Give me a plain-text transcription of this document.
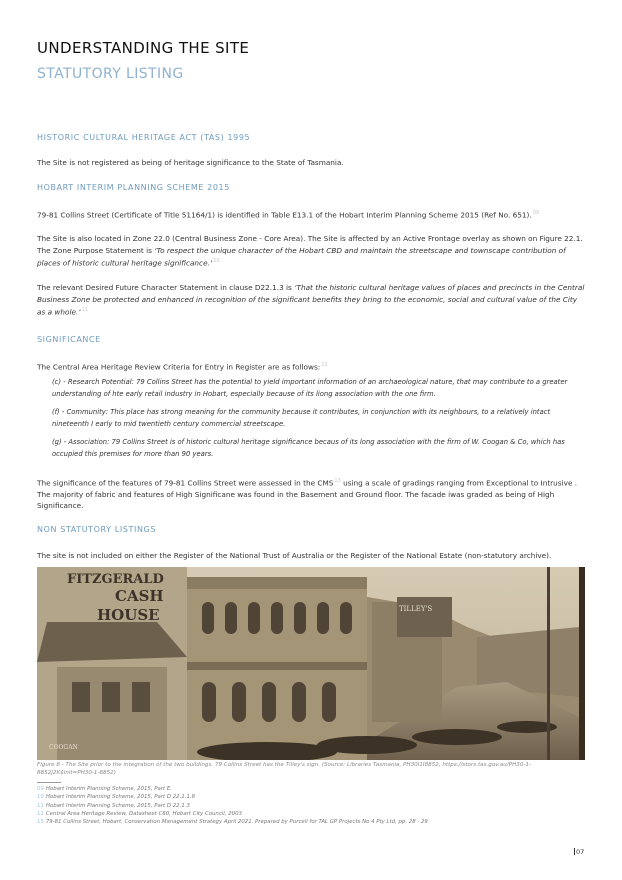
UNDERSTANDING THE SITE
STATUTORY LISTING
HISTORIC CULTURAL HERITAGE ACT (TAS) 1995

The Site is not registered as being of heritage significance to the State of Tasmania.

HOBART INTERIM PLANNING SCHEME 2015

79-81 Collins Street (Certificate of Title 51164/1) is identified in Table E13.1 of the Hobart Interim Planning Scheme 2015 (Ref No. 651).$^{09}$

The Site is also located in Zone 22.0 (Central Business Zone - Core Area). The Site is affected by an Active Frontage overlay as shown on Figure 22.1. The Zone Purpose Statement is ‘To respect the unique character of the Hobart CBD and maintain the streetscape and townscape contribution of places of historic cultural heritage significance.’$^{10}$

The relevant Desired Future Character Statement in clause D22.1.3 is ‘That the historic cultural heritage values of places and precincts in the Central Business Zone be protected and enhanced in recognition of the significant benefits they bring to the economic, social and cultural value of the City as a whole.’$^{11}$

SIGNIFICANCE

The Central Area Heritage Review Criteria for Entry in Register are as follows:$^{12}$

(c) - Research Potential: 79 Collins Street has the potential to yield important information of an archaeological nature, that may contribute to a greater understanding of hte early retail industry in Hobart, especially because of its liong association with the one firm.

(f) - Community: This place has strong meaning for the community because it contributes, in conjunction with its neighbours, to a relatively intact nineteenth I early to mid twentieth century commercial streetscape.

(g) - Association: 79 Collins Street is of historic cultural heritage significance becaus of its long association with the firm of W. Coogan & Co, which has occupied this premises for more than 90 years.

The significance of the features of 79-81 Collins Street were assessed in the CMS$^{13}$ using a scale of gradings ranging from Exceptional to Intrusive . The majority of fabric and features of High Significane was found in the Basement and Ground floor. The facade iwas graded as being of High Significance.

NON STATUTORY LISTINGS

The site is not included on either the Register of the National Trust of Australia or the Register of the National Estate (non-statutory archive).

FITZGERALD
CASH
HOUSE	TILLEY'S
COOGAN

Figure 8 - The Site prior to the integration of the two buildings. 79 Collins Street has the Tilley's sign. (Source: Libraries Tasmania, PH30I1I8852, https://stors.tas.gov.au/PH30-1-8852J2K$init=PH30-1-8852)

09 Hobart Interim Planning Scheme, 2015, Part E.
10 Hobart Interim Planning Scheme, 2015, Part D 22.1.1.8
11 Hobart Interim Planning Scheme, 2015, Part D 22.1.3
12 Central Area Heritage Review, Datasheet C60, Hobart City Council, 2003
13 79-81 Collins Street, Hobart. Conservation Management Strategy April 2021. Prepared by Purcell for TAL GP Projects No 4 Pty Ltd, pp. 28 - 29
07
